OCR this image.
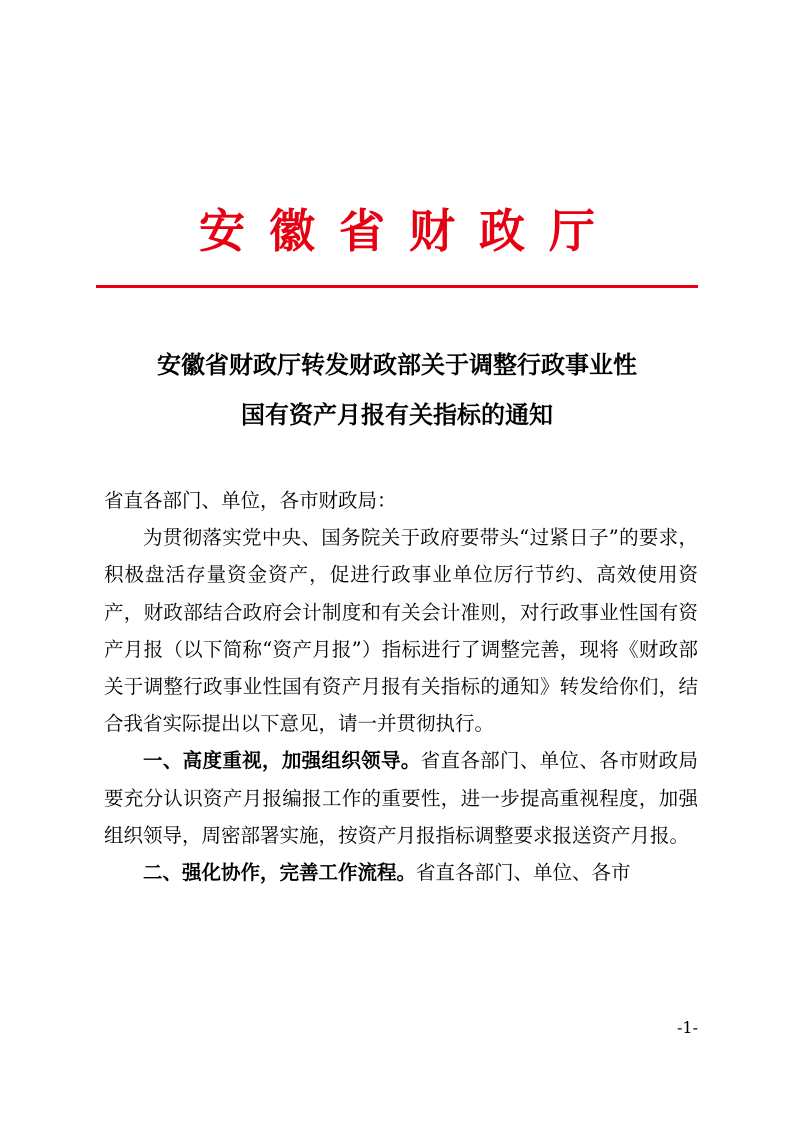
安徽省财政厅
安徽省财政厅转发财政部关于调整行政事业性
国有资产月报有关指标的通知

省直各部门、单位，各市财政局：

为贯彻落实党中央、国务院关于政府要带头“过紧日子”的要求，积极盘活存量资金资产，促进行政事业单位厉行节约、高效使用资产，财政部结合政府会计制度和有关会计准则，对行政事业性国有资产月报（以下简称“资产月报”）指标进行了调整完善，现将《财政部关于调整行政事业性国有资产月报有关指标的通知》转发给你们，结合我省实际提出以下意见，请一并贯彻执行。

一、高度重视，加强组织领导。省直各部门、单位、各市财政局要充分认识资产月报编报工作的重要性，进一步提高重视程度，加强组织领导，周密部署实施，按资产月报指标调整要求报送资产月报。

二、强化协作，完善工作流程。省直各部门、单位、各市

-1-
